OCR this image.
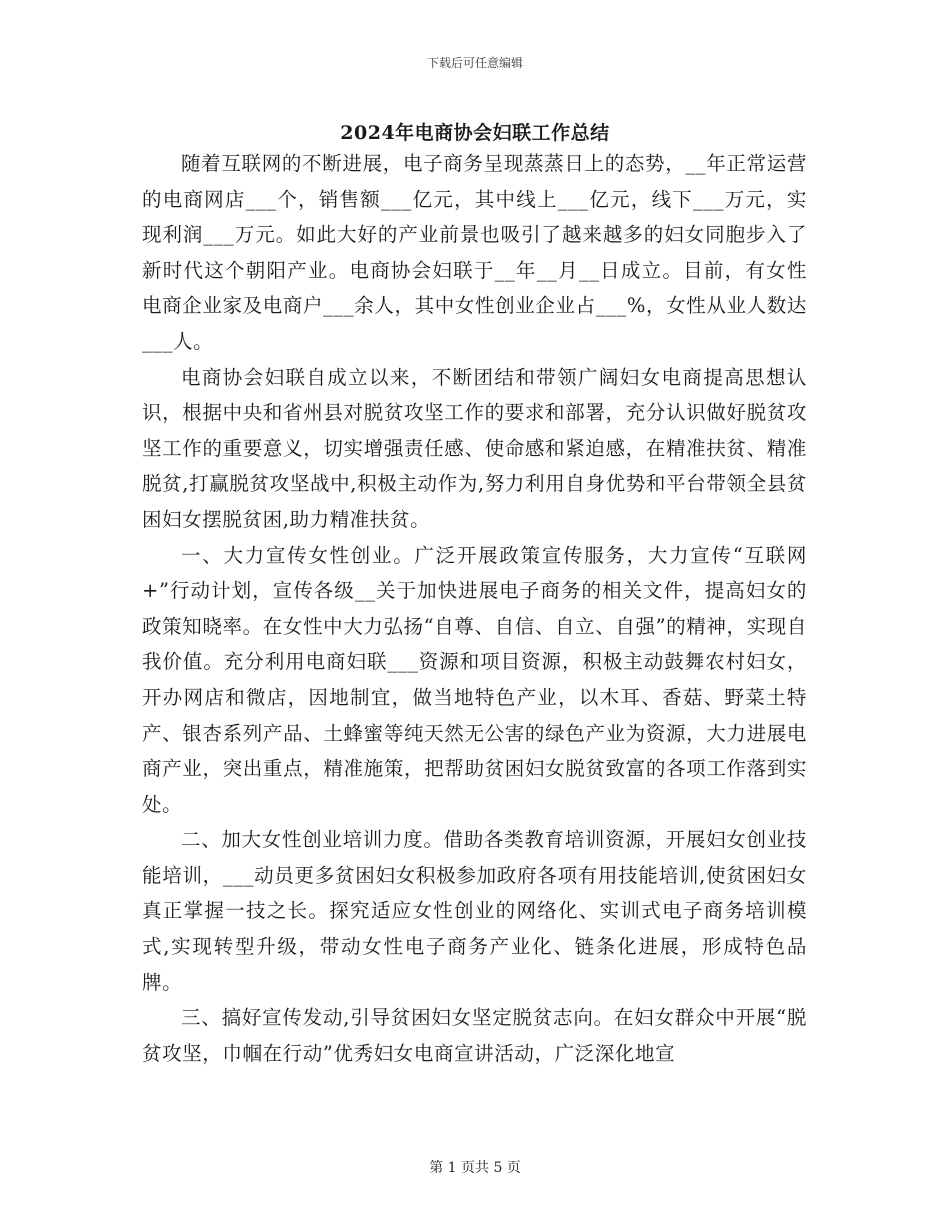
下载后可任意编辑
2024年电商协会妇联工作总结

随着互联网的不断进展，电子商务呈现蒸蒸日上的态势，__年正常运营的电商网店___个，销售额___亿元，其中线上___亿元，线下___万元，实现利润___万元。如此大好的产业前景也吸引了越来越多的妇女同胞步入了新时代这个朝阳产业。电商协会妇联于__年__月__日成立。目前，有女性电商企业家及电商户___余人，其中女性创业企业占___%，女性从业人数达___人。

电商协会妇联自成立以来，不断团结和带领广阔妇女电商提高思想认识，根据中央和省州县对脱贫攻坚工作的要求和部署，充分认识做好脱贫攻坚工作的重要意义，切实增强责任感、使命感和紧迫感，在精准扶贫、精准脱贫,打赢脱贫攻坚战中,积极主动作为,努力利用自身优势和平台带领全县贫困妇女摆脱贫困,助力精准扶贫。

一、大力宣传女性创业。广泛开展政策宣传服务，大力宣传“互联网+”行动计划，宣传各级__关于加快进展电子商务的相关文件，提高妇女的政策知晓率。在女性中大力弘扬“自尊、自信、自立、自强”的精神，实现自我价值。充分利用电商妇联___资源和项目资源，积极主动鼓舞农村妇女，开办网店和微店，因地制宜，做当地特色产业，以木耳、香菇、野菜土特产、银杏系列产品、土蜂蜜等纯天然无公害的绿色产业为资源，大力进展电商产业，突出重点，精准施策，把帮助贫困妇女脱贫致富的各项工作落到实处。

二、加大女性创业培训力度。借助各类教育培训资源，开展妇女创业技能培训，___动员更多贫困妇女积极参加政府各项有用技能培训,使贫困妇女真正掌握一技之长。探究适应女性创业的网络化、实训式电子商务培训模式,实现转型升级，带动女性电子商务产业化、链条化进展，形成特色品牌。

三、搞好宣传发动,引导贫困妇女坚定脱贫志向。在妇女群众中开展“脱贫攻坚，巾帼在行动”优秀妇女电商宣讲活动，广泛深化地宣

第 1 页共 5 页
